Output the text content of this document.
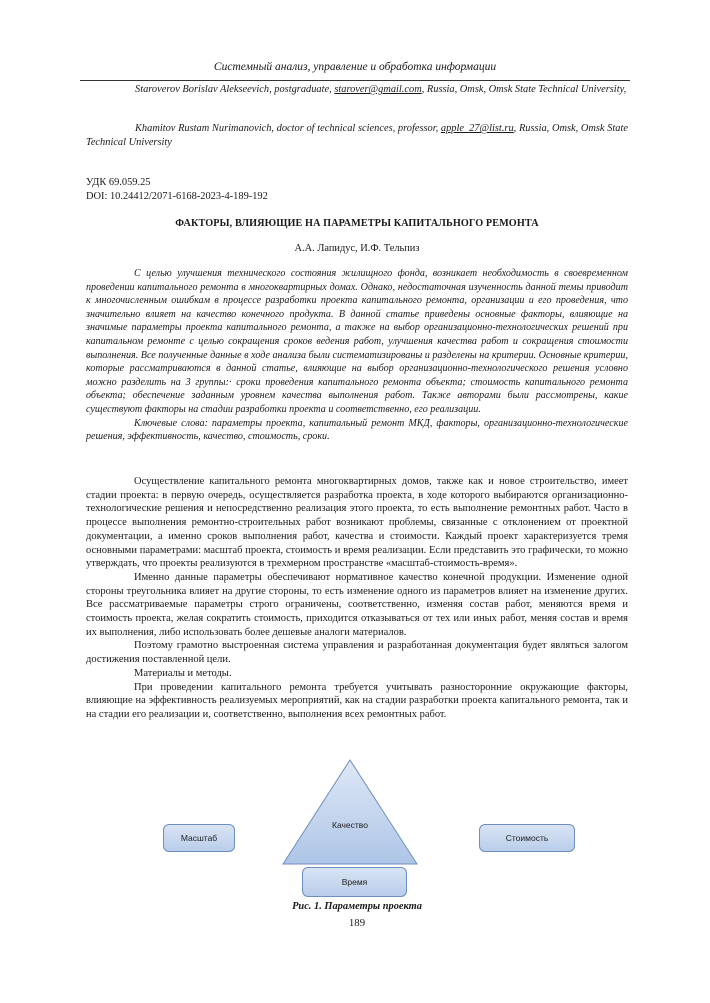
Системный анализ, управление и обработка информации
Staroverov Borislav Alekseevich, postgraduate, starover@gmail.com, Russia, Omsk, Omsk State Technical University,
Khamitov Rustam Nurimanovich, doctor of technical sciences, professor, apple_27@list.ru, Russia, Omsk, Omsk State Technical University
УДК 69.059.25
DOI: 10.24412/2071-6168-2023-4-189-192
ФАКТОРЫ, ВЛИЯЮЩИЕ НА ПАРАМЕТРЫ КАПИТАЛЬНОГО РЕМОНТА
А.А. Лапидус, И.Ф. Тельпиз

С целью улучшения технического состояния жилищного фонда, возникает необходимость в своевременном проведении капитального ремонта в многоквартирных домах. Однако, недостаточная изученность данной темы приводит к многочисленным ошибкам в процессе разработки проекта капитального ремонта, организации и его проведения, что значительно влияет на качество конечного продукта. В данной статье приведены основные факторы, влияющие на значимые параметры проекта капитального ремонта, а также на выбор организационно-технологических решений при капитальном ремонте с целью сокращения сроков ведения работ, улучшения качества работ и сокращения стоимости выполнения. Все полученные данные в ходе анализа были систематизированы и разделены на критерии. Основные критерии, которые рассматриваются в данной статье, влияющие на выбор организационно-технологического решения условно можно разделить на 3 группы:· сроки проведения капитального ремонта объекта; стоимость капитального ремонта объекта; обеспечение заданным уровнем качества выполнения работ. Также авторами были рассмотрены, какие существуют факторы на стадии разработки проекта и соответственно, его реализации.

Ключевые слова: параметры проекта, капитальный ремонт МКД, факторы, организационно-технологические решения, эффективность, качество, стоимость, сроки.

Осуществление капитального ремонта многоквартирных домов, также как и новое строительство, имеет стадии проекта: в первую очередь, осуществляется разработка проекта, в ходе которого выбираются организационно-технологические решения и непосредственно реализация этого проекта, то есть выполнение ремонтных работ. Часто в процессе выполнения ремонтно-строительных работ возникают проблемы, связанные с отклонением от проектной документации, а именно сроков выполнения работ, качества и стоимости. Каждый проект характеризуется тремя основными параметрами: масштаб проекта, стоимость и время реализации. Если представить это графически, то можно утверждать, что проекты реализуются в трехмерном пространстве «масштаб-стоимость-время».

Именно данные параметры обеспечивают нормативное качество конечной продукции. Изменение одной стороны треугольника влияет на другие стороны, то есть изменение одного из параметров влияет на изменение других. Все рассматриваемые параметры строго ограничены, соответственно, изменяя состав работ, меняются время и стоимость проекта, желая сократить стоимость, приходится отказываться от тех или иных работ, меняя состав и время их выполнения, либо использовать более дешевые аналоги материалов.

Поэтому грамотно выстроенная система управления и разработанная документация будет являться залогом достижения поставленной цели.

Материалы и методы.

При проведении капитального ремонта требуется учитывать разносторонние окружающие факторы, влияющие на эффективность реализуемых мероприятий, как на стадии разработки проекта капитального ремонта, так и на стадии его реализации и, соответственно, выполнения всех ремонтных работ.

Качество
Масштаб	Стоимость
Время
Рис. 1. Параметры проекта
189
